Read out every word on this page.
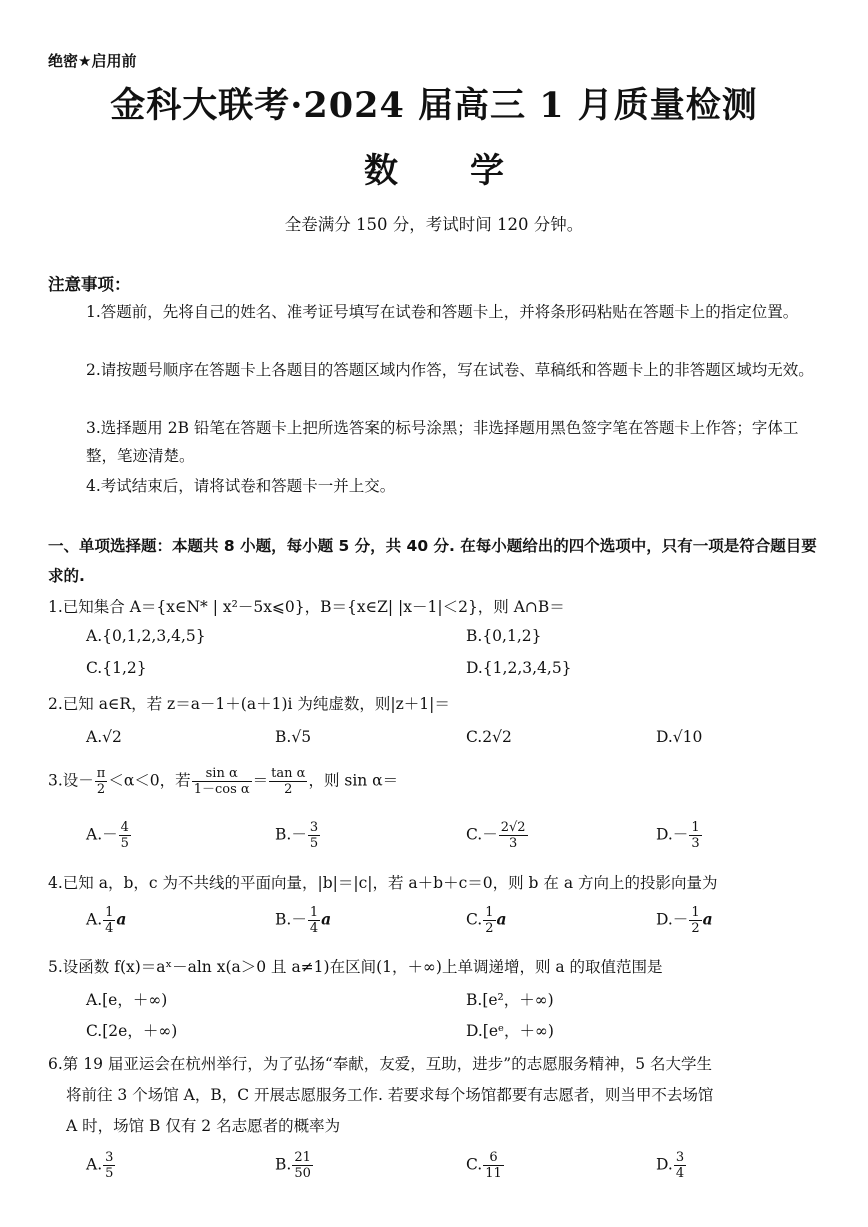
绝密★启用前
金科大联考·2024 届高三 1 月质量检测
数 学
全卷满分 150 分，考试时间 120 分钟。
注意事项：
1.答题前，先将自己的姓名、准考证号填写在试卷和答题卡上，并将条形码粘贴在答题卡上的指定位置。
2.请按题号顺序在答题卡上各题目的答题区域内作答，写在试卷、草稿纸和答题卡上的非答题区域均无效。
3.选择题用 2B 铅笔在答题卡上把所选答案的标号涂黑；非选择题用黑色签字笔在答题卡上作答；字体工整，笔迹清楚。
4.考试结束后，请将试卷和答题卡一并上交。
一、单项选择题：本题共 8 小题，每小题 5 分，共 40 分. 在每小题给出的四个选项中，只有一项是符合题目要求的.
1.已知集合 A＝{x∈N* | x²－5x⩽0}，B＝{x∈Z| |x－1|＜2}，则 A∩B＝
A.{0,1,2,3,4,5}	B.{0,1,2}
C.{1,2}	D.{1,2,3,4,5}
2.已知 a∈R，若 z＝a－1＋(a＋1)i 为纯虚数，则|z＋1|＝
A.√2	B.√5	C.2√2	D.√10
3.设－ $\frac{\pi}{2} <\alpha<0$，若 $\frac{\text{sin α}}{\text{1－cos α}} = \frac{\text{tan α}}{2}$ ，则 sin α＝
$A.- \frac{4}{5}$	$B.- \frac{3}{5}$	$C.- \frac{2√2}{3}$	$D.- \frac{1}{3}$
4.已知 a，b，c 为不共线的平面向量，|b|＝|c|，若 a＋b＋c＝0，则 b 在 a 方向上的投影向量为
A. $\frac{1}{4}$ a	$B.- \frac{1}{4}$ a	C. $\frac{1}{2}$ a	$D.- \frac{1}{2}$ a
5.设函数 f(x)＝aˣ－aln x(a＞0 且 a≠1)在区间(1，＋∞)上单调递增，则 a 的取值范围是
A.[e，＋∞)	B.[e²，＋∞)
C.[2e，＋∞)	D.[eᵉ，＋∞)
6.第 19 届亚运会在杭州举行，为了弘扬“奉献，友爱，互助，进步”的志愿服务精神，5 名大学生
将前往 3 个场馆 A，B，C 开展志愿服务工作. 若要求每个场馆都要有志愿者，则当甲不去场馆
A 时，场馆 B 仅有 2 名志愿者的概率为
A. $\frac{3}{5}$	B. $\frac{21}{50}$	C. $\frac{6}{11}$	D. $\frac{3}{4}$
